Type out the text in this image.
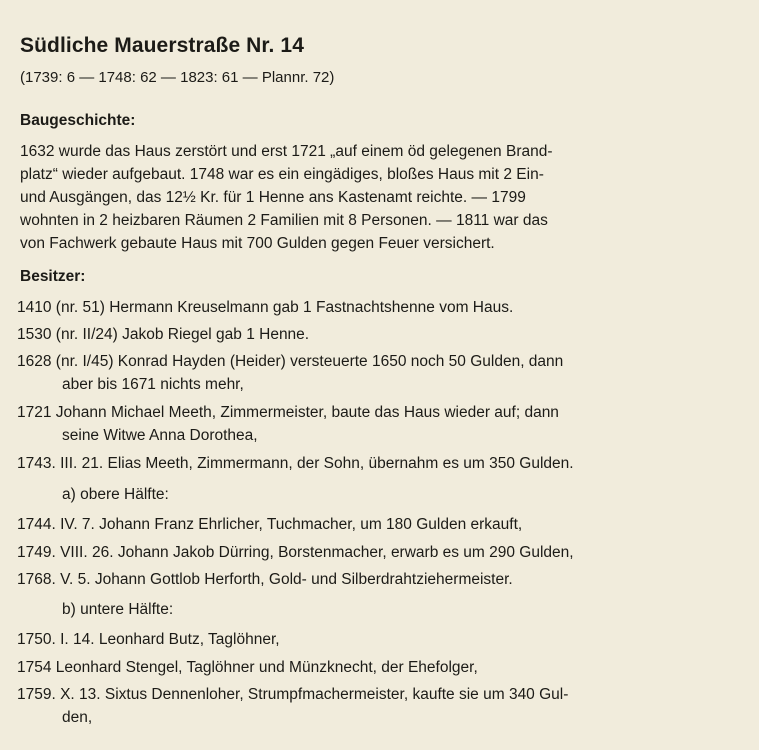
Südliche Mauerstraße Nr. 14
(1739: 6 — 1748: 62 — 1823: 61 — Plannr. 72)
Baugeschichte:
1632 wurde das Haus zerstört und erst 1721 „auf einem öd gelegenen Brand-
platz“ wieder aufgebaut. 1748 war es ein eingädiges, bloßes Haus mit 2 Ein-
und Ausgängen, das 12½ Kr. für 1 Henne ans Kastenamt reichte. — 1799
wohnten in 2 heizbaren Räumen 2 Familien mit 8 Personen. — 1811 war das
von Fachwerk gebaute Haus mit 700 Gulden gegen Feuer versichert.
Besitzer:
1410 (nr. 51) Hermann Kreuselmann gab 1 Fastnachtshenne vom Haus.
1530 (nr. II/24) Jakob Riegel gab 1 Henne.
1628 (nr. I/45) Konrad Hayden (Heider) versteuerte 1650 noch 50 Gulden, dann
aber bis 1671 nichts mehr,
1721 Johann Michael Meeth, Zimmermeister, baute das Haus wieder auf; dann
seine Witwe Anna Dorothea,
1743. III. 21. Elias Meeth, Zimmermann, der Sohn, übernahm es um 350 Gulden.
a) obere Hälfte:
1744. IV. 7. Johann Franz Ehrlicher, Tuchmacher, um 180 Gulden erkauft,
1749. VIII. 26. Johann Jakob Dürring, Borstenmacher, erwarb es um 290 Gulden,
1768. V. 5. Johann Gottlob Herforth, Gold- und Silberdrahtziehermeister.
b) untere Hälfte:
1750. I. 14. Leonhard Butz, Taglöhner,
1754 Leonhard Stengel, Taglöhner und Münzknecht, der Ehefolger,
1759. X. 13. Sixtus Dennenloher, Strumpfmachermeister, kaufte sie um 340 Gul-
den,
